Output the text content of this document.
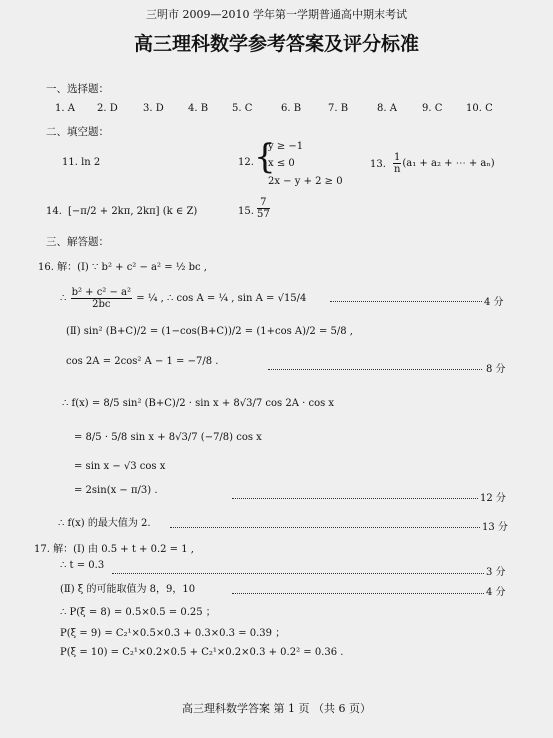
三明市 2009—2010 学年第一学期普通高中期末考试
高三理科数学参考答案及评分标准
一、选择题：
1. A 2. D	3. D 4. B 5. C	6. B	7. B	8. A	9. C 10. C
二、填空题：
11. ln 2	12. {
y ≥ −1
x ≤ 0
2x − y + 2 ≥ 0
13. $\frac{1}{n} (a_1 + a_2$ + ⋯ + aₙ)
14. [−π/2 + 2kπ, 2kπ] (k ∈ Z)	15. $\frac{7}{57}$
三、解答题：
16. 解：(Ⅰ) ∵ b² + c² − a² = ½ bc ,
∴ $\frac{\text{b² + c² − a²}}{2bc}$ = ¼ , ∴ cos A = ¼ , sin A = √15/4	4 分
(Ⅱ) sin² (B+C)/2 = (1−cos(B+C))/2 = (1+cos A)/2 = 5/8 ,
cos 2A = 2cos² A − 1 = −7/8 .
8 分
∴ f(x) = 8/5 sin² (B+C)/2 · sin x + 8√3/7 cos 2A · cos x
= 8/5 · 5/8 sin x + 8√3/7 (−7/8) cos x
= sin x − √3 cos x
= 2sin(x − π/3) .
12 分
∴ f(x) 的最大值为 2.	13 分
17. 解：(Ⅰ) 由 0.5 + t + 0.2 = 1 ,
∴ t = 0.3
3 分
(Ⅱ) ξ 的可能取值为 8，9，10	4 分
∴ P(ξ = 8) = 0.5×0.5 = 0.25 ；
P(ξ = 9) = C₂¹×0.5×0.3 + 0.3×0.3 = 0.39 ；
P(ξ = 10) = C₂¹×0.2×0.5 + C₂¹×0.2×0.3 + 0.2² = 0.36 .
高三理科数学答案 第 1 页 （共 6 页）
